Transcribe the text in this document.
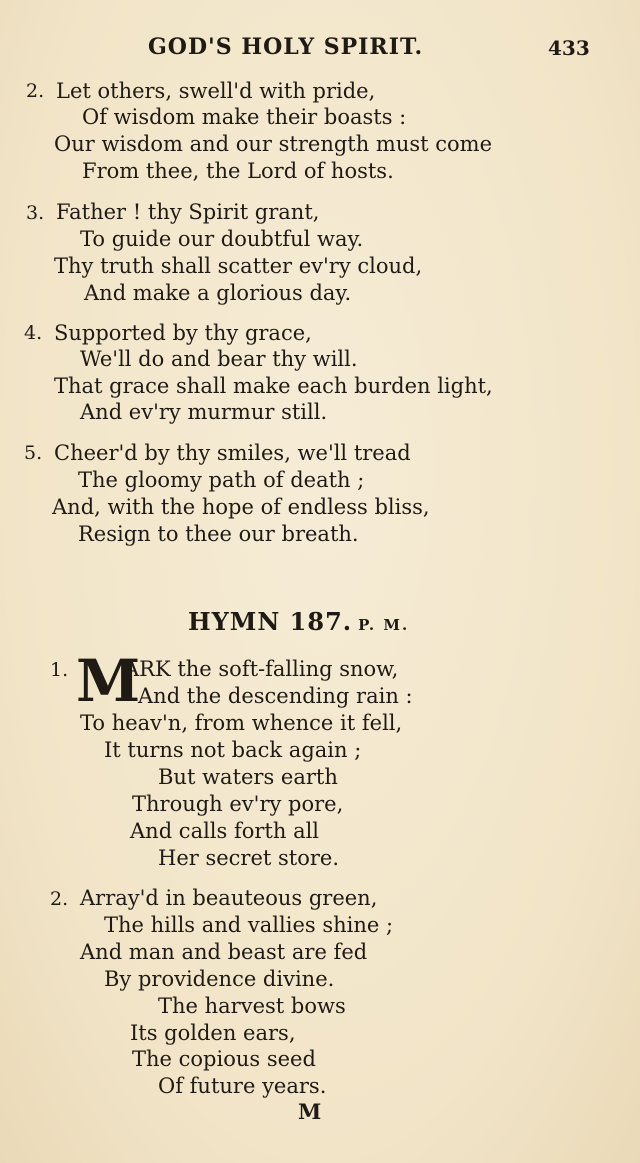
GOD'S HOLY SPIRIT.	433
2. Let others, swell'd with pride,
Of wisdom make their boasts :
Our wisdom and our strength must come
From thee, the Lord of hosts.
3. Father ! thy Spirit grant,
To guide our doubtful way.
Thy truth shall scatter ev'ry cloud,
And make a glorious day.
4. Supported by thy grace,
We'll do and bear thy will.
That grace shall make each burden light,
And ev'ry murmur still.
5. Cheer'd by thy smiles, we'll tread
The gloomy path of death ;
And, with the hope of endless bliss,
Resign to thee our breath.
HYMN 187. P. M.
1. M
ARK the soft-falling snow,
And the descending rain :
To heav'n, from whence it fell,
It turns not back again ;
But waters earth
Through ev'ry pore,
And calls forth all
Her secret store.
2. Array'd in beauteous green,
The hills and vallies shine ;
And man and beast are fed
By providence divine.
The harvest bows
Its golden ears,
The copious seed
Of future years.
M
